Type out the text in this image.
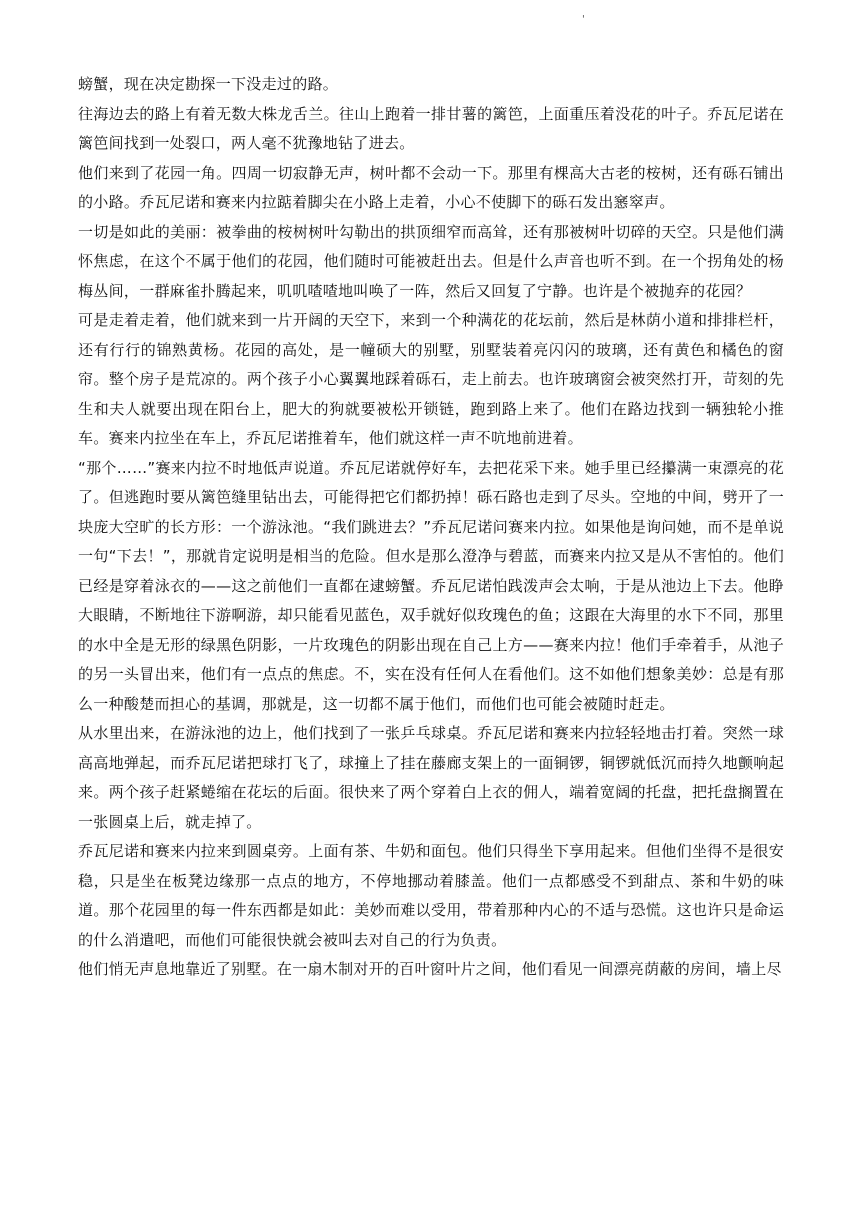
'

螃蟹，现在决定勘探一下没走过的路。

往海边去的路上有着无数大株龙舌兰。往山上跑着一排甘薯的篱笆，上面重压着没花的叶子。乔瓦尼诺在篱笆间找到一处裂口，两人毫不犹豫地钻了进去。

他们来到了花园一角。四周一切寂静无声，树叶都不会动一下。那里有棵高大古老的桉树，还有砾石铺出的小路。乔瓦尼诺和赛来内拉踮着脚尖在小路上走着，小心不使脚下的砾石发出窸窣声。

一切是如此的美丽：被拳曲的桉树树叶勾勒出的拱顶细窄而高耸，还有那被树叶切碎的天空。只是他们满怀焦虑，在这个不属于他们的花园，他们随时可能被赶出去。但是什么声音也听不到。在一个拐角处的杨梅丛间，一群麻雀扑腾起来，叽叽喳喳地叫唤了一阵，然后又回复了宁静。也许是个被抛弃的花园？

可是走着走着，他们就来到一片开阔的天空下，来到一个种满花的花坛前，然后是林荫小道和排排栏杆，还有行行的锦熟黄杨。花园的高处，是一幢硕大的别墅，别墅装着亮闪闪的玻璃，还有黄色和橘色的窗帘。整个房子是荒凉的。两个孩子小心翼翼地踩着砾石，走上前去。也许玻璃窗会被突然打开，苛刻的先生和夫人就要出现在阳台上，肥大的狗就要被松开锁链，跑到路上来了。他们在路边找到一辆独轮小推车。赛来内拉坐在车上，乔瓦尼诺推着车，他们就这样一声不吭地前进着。

“那个……”赛来内拉不时地低声说道。乔瓦尼诺就停好车，去把花采下来。她手里已经攥满一束漂亮的花了。但逃跑时要从篱笆缝里钻出去，可能得把它们都扔掉！砾石路也走到了尽头。空地的中间，劈开了一块庞大空旷的长方形：一个游泳池。“我们跳进去？”乔瓦尼诺问赛来内拉。如果他是询问她，而不是单说一句“下去！”，那就肯定说明是相当的危险。但水是那么澄净与碧蓝，而赛来内拉又是从不害怕的。他们已经是穿着泳衣的——这之前他们一直都在逮螃蟹。乔瓦尼诺怕践泼声会太响，于是从池边上下去。他睁大眼睛，不断地往下游啊游，却只能看见蓝色，双手就好似玫瑰色的鱼；这跟在大海里的水下不同，那里的水中全是无形的绿黑色阴影，一片玫瑰色的阴影出现在自己上方——赛来内拉！他们手牵着手，从池子的另一头冒出来，他们有一点点的焦虑。不，实在没有任何人在看他们。这不如他们想象美妙：总是有那么一种酸楚而担心的基调，那就是，这一切都不属于他们，而他们也可能会被随时赶走。

从水里出来，在游泳池的边上，他们找到了一张乒乓球桌。乔瓦尼诺和赛来内拉轻轻地击打着。突然一球高高地弹起，而乔瓦尼诺把球打飞了，球撞上了挂在藤廊支架上的一面铜锣，铜锣就低沉而持久地颤响起来。两个孩子赶紧蜷缩在花坛的后面。很快来了两个穿着白上衣的佣人，端着宽阔的托盘，把托盘搁置在一张圆桌上后，就走掉了。

乔瓦尼诺和赛来内拉来到圆桌旁。上面有茶、牛奶和面包。他们只得坐下享用起来。但他们坐得不是很安稳，只是坐在板凳边缘那一点点的地方，不停地挪动着膝盖。他们一点都感受不到甜点、茶和牛奶的味道。那个花园里的每一件东西都是如此：美妙而难以受用，带着那种内心的不适与恐慌。这也许只是命运的什么消遣吧，而他们可能很快就会被叫去对自己的行为负责。

他们悄无声息地靠近了别墅。在一扇木制对开的百叶窗叶片之间，他们看见一间漂亮荫蔽的房间，墙上尽
